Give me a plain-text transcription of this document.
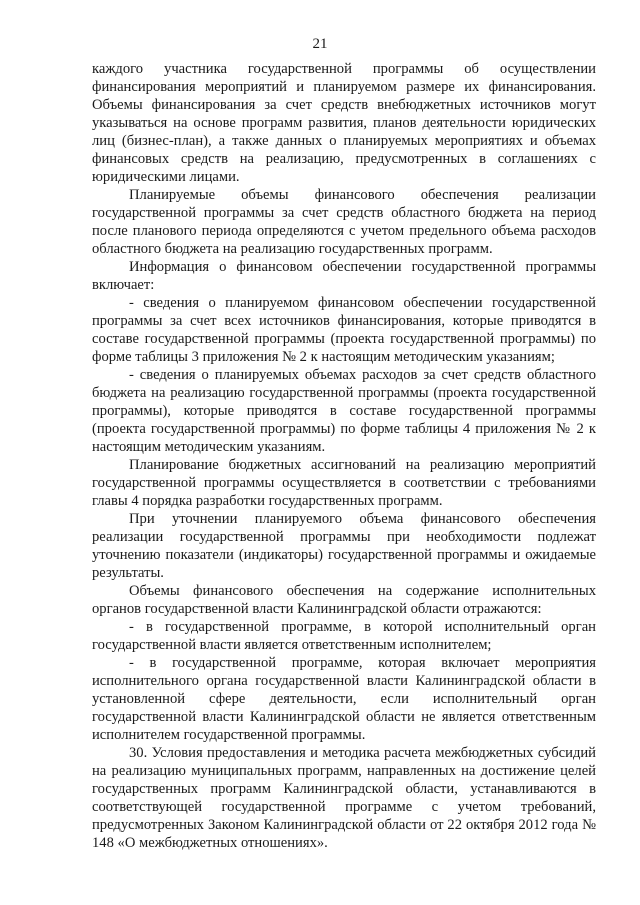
21

каждого участника государственной программы об осуществлении финансирования мероприятий и планируемом размере их финансирования. Объемы финансирования за счет средств внебюджетных источников могут указываться на основе программ развития, планов деятельности юридических лиц (бизнес-план), а также данных о планируемых мероприятиях и объемах финансовых средств на реализацию, предусмотренных в соглашениях с юридическими лицами.

Планируемые объемы финансового обеспечения реализации государственной программы за счет средств областного бюджета на период после планового периода определяются с учетом предельного объема расходов областного бюджета на реализацию государственных программ.

Информация о финансовом обеспечении государственной программы включает:

- сведения о планируемом финансовом обеспечении государственной программы за счет всех источников финансирования, которые приводятся в составе государственной программы (проекта государственной программы) по форме таблицы 3 приложения № 2 к настоящим методическим указаниям;

- сведения о планируемых объемах расходов за счет средств областного бюджета на реализацию государственной программы (проекта государственной программы), которые приводятся в составе государственной программы (проекта государственной программы) по форме таблицы 4 приложения № 2 к настоящим методическим указаниям.

Планирование бюджетных ассигнований на реализацию мероприятий государственной программы осуществляется в соответствии с требованиями главы 4 порядка разработки государственных программ.

При уточнении планируемого объема финансового обеспечения реализации государственной программы при необходимости подлежат уточнению показатели (индикаторы) государственной программы и ожидаемые результаты.

Объемы финансового обеспечения на содержание исполнительных органов государственной власти Калининградской области отражаются:

- в государственной программе, в которой исполнительный орган государственной власти является ответственным исполнителем;

- в государственной программе, которая включает мероприятия исполнительного органа государственной власти Калининградской области в установленной сфере деятельности, если исполнительный орган государственной власти Калининградской области не является ответственным исполнителем государственной программы.

30. Условия предоставления и методика расчета межбюджетных субсидий на реализацию муниципальных программ, направленных на достижение целей государственных программ Калининградской области, устанавливаются в соответствующей государственной программе с учетом требований, предусмотренных Законом Калининградской области от 22 октября 2012 года № 148 «О межбюджетных отношениях».
